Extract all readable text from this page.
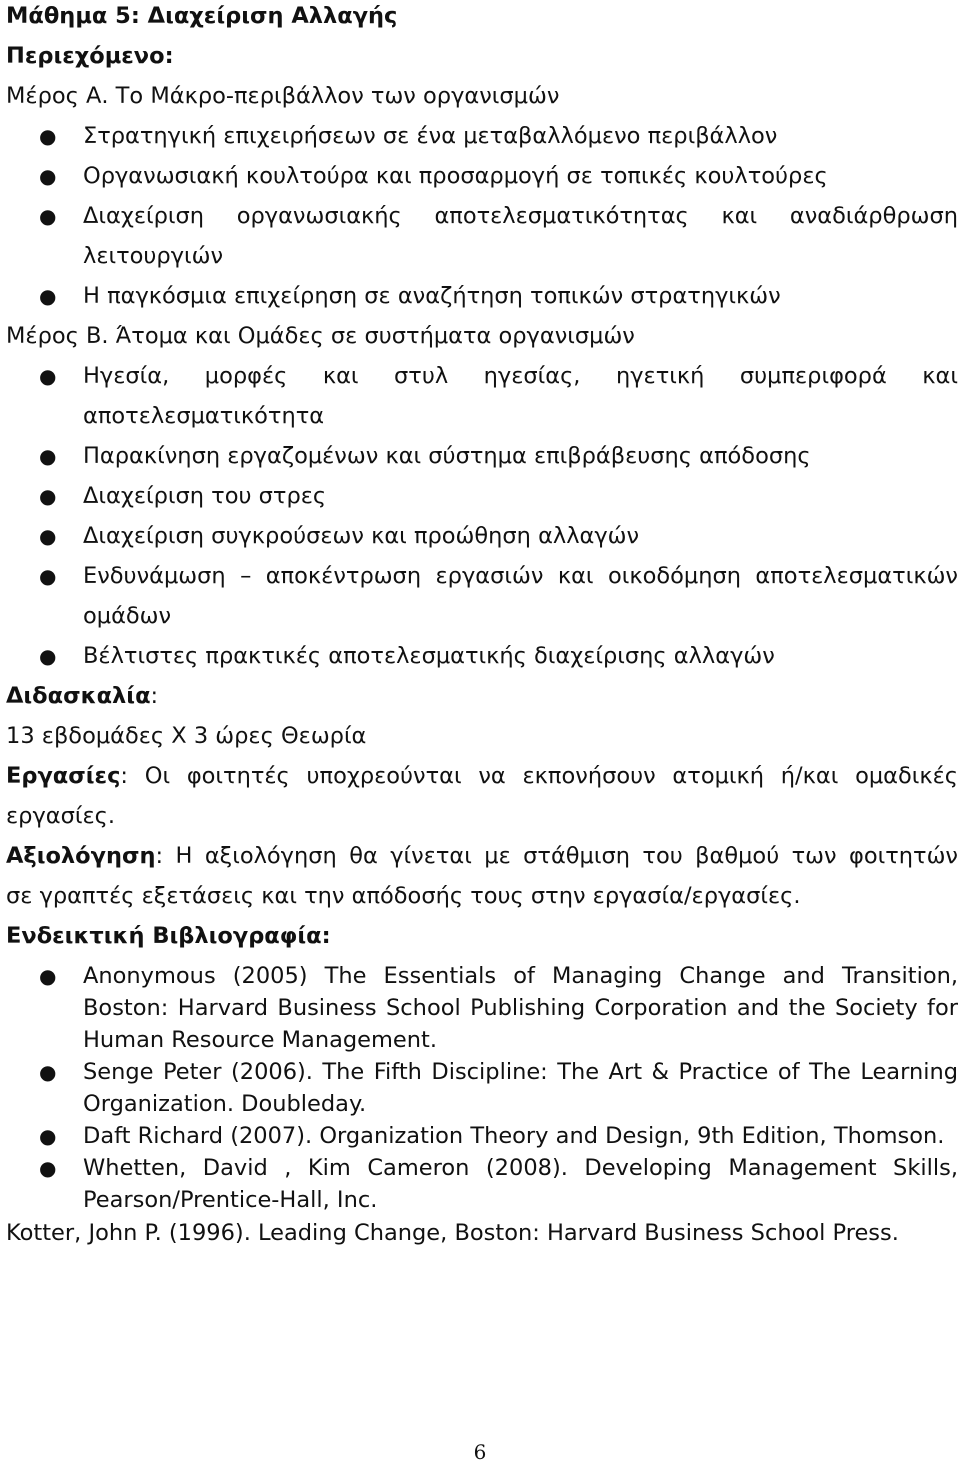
Μάθημα 5: Διαχείριση Αλλαγής
Περιεχόμενο:
Μέρος Α. Το Μάκρο-περιβάλλον των οργανισμών
● Στρατηγική επιχειρήσεων σε ένα μεταβαλλόμενο περιβάλλον
● Οργανωσιακή κουλτούρα και προσαρμογή σε τοπικές κουλτούρες
● Διαχείριση οργανωσιακής αποτελεσματικότητας και αναδιάρθρωση
λειτουργιών
● Η παγκόσμια επιχείρηση σε αναζήτηση τοπικών στρατηγικών
Μέρος Β. Άτομα και Ομάδες σε συστήματα οργανισμών
● Ηγεσία, μορφές και στυλ ηγεσίας, ηγετική συμπεριφορά και
αποτελεσματικότητα
● Παρακίνηση εργαζομένων και σύστημα επιβράβευσης απόδοσης
● Διαχείριση του στρες
● Διαχείριση συγκρούσεων και προώθηση αλλαγών
● Ενδυνάμωση – αποκέντρωση εργασιών και οικοδόμηση αποτελεσματικών
ομάδων
● Βέλτιστες πρακτικές αποτελεσματικής διαχείρισης αλλαγών
Διδασκαλία:
13 εβδομάδες Χ 3 ώρες Θεωρία
Εργασίες: Οι φοιτητές υποχρεούνται να εκπονήσουν ατομική ή/και ομαδικές
εργασίες.
Αξιολόγηση: Η αξιολόγηση θα γίνεται με στάθμιση του βαθμού των φοιτητών
σε γραπτές εξετάσεις και την απόδοσής τους στην εργασία/εργασίες.
Ενδεικτική Βιβλιογραφία:
● Anonymous (2005) The Essentials of Managing Change and Transition, Boston: Harvard Business School Publishing Corporation and the Society for Human Resource Management.
● Senge Peter (2006). The Fifth Discipline: The Art & Practice of The Learning Organization. Doubleday.
● Daft Richard (2007). Organization Theory and Design, 9th Edition, Thomson.
● Whetten, David , Kim Cameron (2008). Developing Management Skills, Pearson/Prentice-Hall, Inc.
Kotter, John P. (1996). Leading Change, Boston: Harvard Business School Press.
6
